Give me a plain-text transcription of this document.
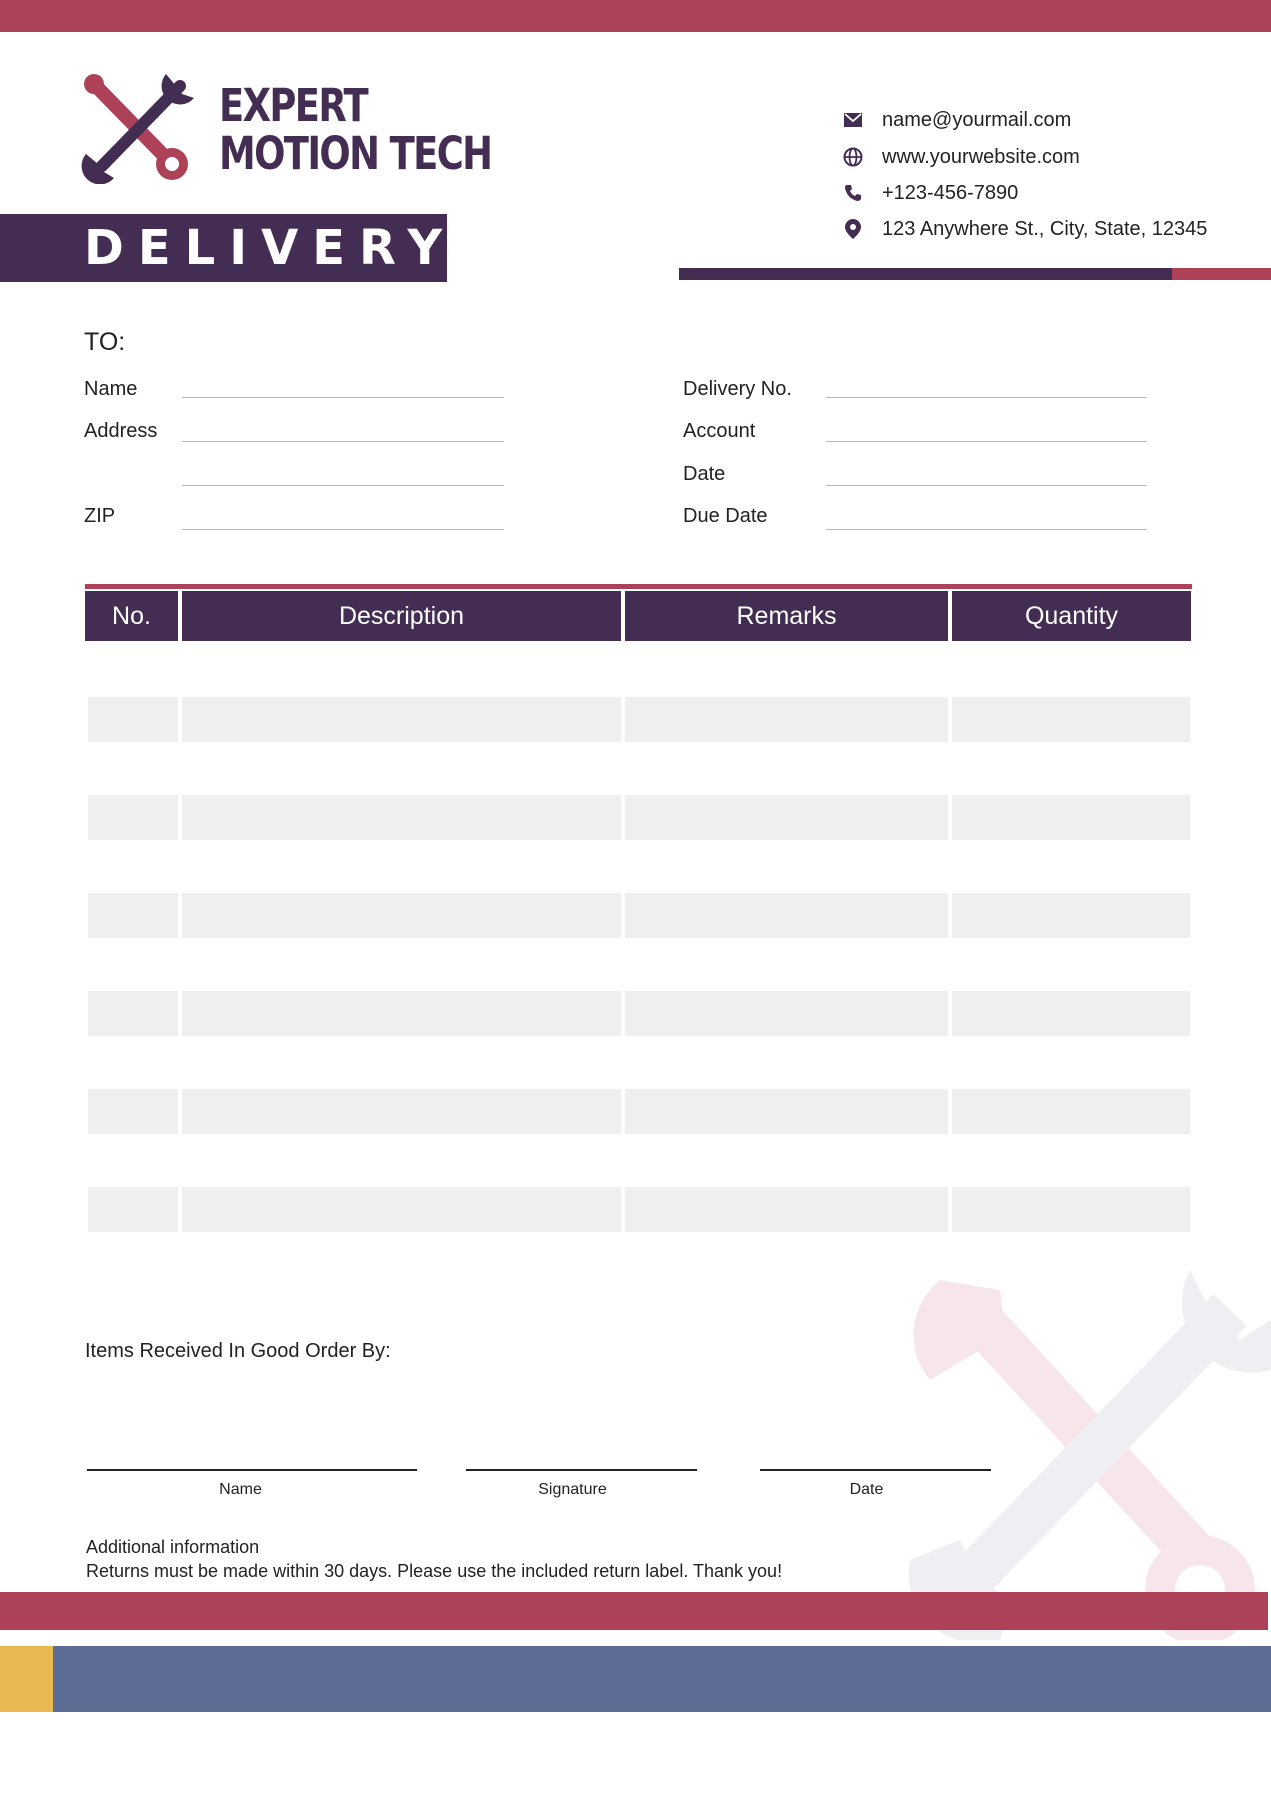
EXPERT
MOTION TECH
DELIVERY
name@yourmail.com
www.yourwebsite.com
+123-456-7890
123 Anywhere St., City, State, 12345
TO:
Name
Address
ZIP
Delivery No.
Account
Date
Due Date
No.	Description	Remarks	Quantity
Items Received In Good Order By:
Name	Signature	Date
Additional information
Returns must be made within 30 days. Please use the included return label. Thank you!
